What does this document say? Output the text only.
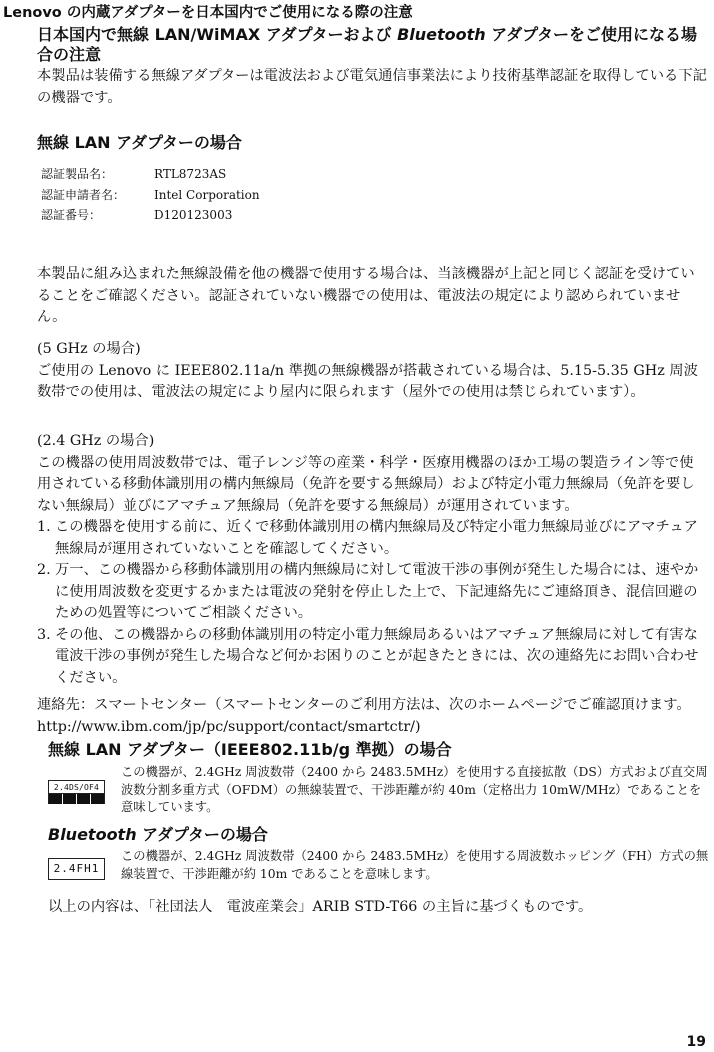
Lenovo の内蔵アダプターを日本国内でご使用になる際の注意
日本国内で無線 LAN/WiMAX アダプターおよび Bluetooth アダプターをご使用になる場合の注意
本製品は装備する無線アダプターは電波法および電気通信事業法により技術基準認証を取得している下記の機器です。
無線 LAN アダプターの場合
認証製品名：	RTL8723AS
認証申請者名：	Intel Corporation
認証番号：	D120123003
本製品に組み込まれた無線設備を他の機器で使用する場合は、当該機器が上記と同じく認証を受けていることをご確認ください。認証されていない機器での使用は、電波法の規定により認められていません。
(5 GHz の場合)
ご使用の Lenovo に IEEE802.11a/n 準拠の無線機器が搭載されている場合は、5.15-5.35 GHz 周波数帯での使用は、電波法の規定により屋内に限られます（屋外での使用は禁じられています）。
(2.4 GHz の場合)
この機器の使用周波数帯では、電子レンジ等の産業・科学・医療用機器のほか工場の製造ライン等で使用されている移動体識別用の構内無線局（免許を要する無線局）および特定小電力無線局（免許を要しない無線局）並びにアマチュア無線局（免許を要する無線局）が運用されています。
1. この機器を使用する前に、近くで移動体識別用の構内無線局及び特定小電力無線局並びにアマチュア無線局が運用されていないことを確認してください。
2. 万一、この機器から移動体識別用の構内無線局に対して電波干渉の事例が発生した場合には、速やかに使用周波数を変更するかまたは電波の発射を停止した上で、下記連絡先にご連絡頂き、混信回避のための処置等についてご相談ください。
3. その他、この機器からの移動体識別用の特定小電力無線局あるいはアマチュア無線局に対して有害な電波干渉の事例が発生した場合など何かお困りのことが起きたときには、次の連絡先にお問い合わせください。
連絡先：スマートセンター（スマートセンターのご利用方法は、次のホームページでご確認頂けます。
http://www.ibm.com/jp/pc/support/contact/smartctr/)
無線 LAN アダプター（IEEE802.11b/g 準拠）の場合
2.4DS/OF4
この機器が、2.4GHz 周波数帯（2400 から 2483.5MHz）を使用する直接拡散（DS）方式および直交周波数分割多重方式（OFDM）の無線装置で、干渉距離が約 40m（定格出力 10mW/MHz）であることを意味しています。
Bluetooth アダプターの場合
2.4FH1
この機器が、2.4GHz 周波数帯（2400 から 2483.5MHz）を使用する周波数ホッピング（FH）方式の無線装置で、干渉距離が約 10m であることを意味します。
以上の内容は、「社団法人　電波産業会」ARIB STD-T66 の主旨に基づくものです。
19
